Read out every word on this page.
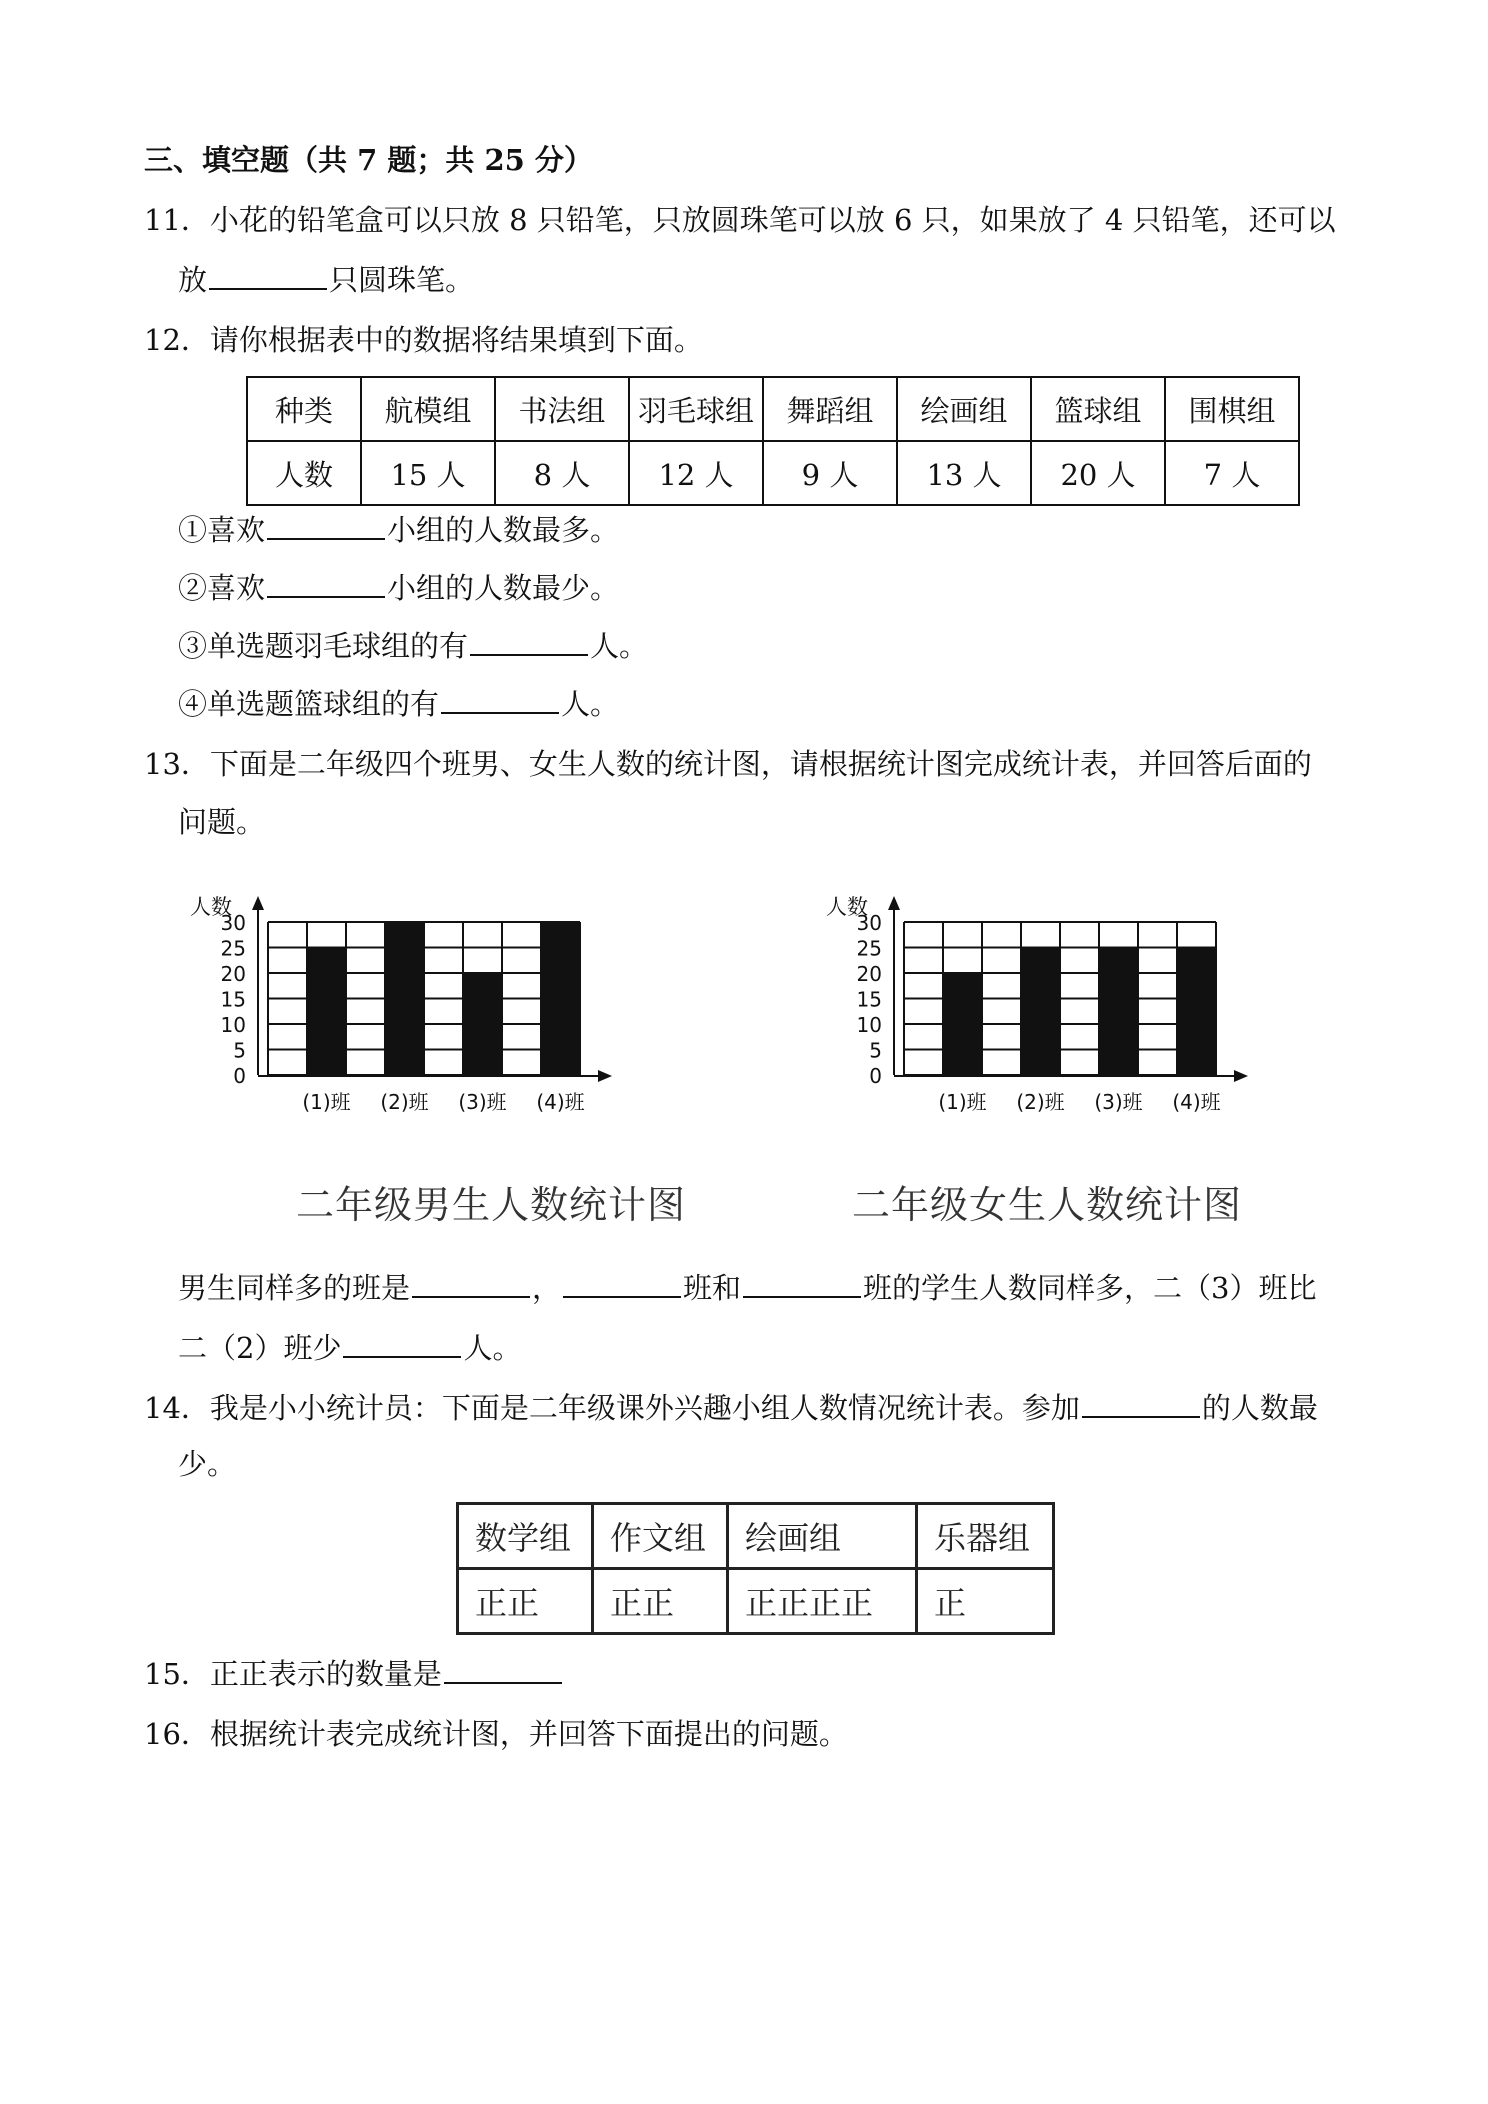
三、填空题（共 7 题；共 25 分）
11．小花的铅笔盒可以只放 8 只铅笔，只放圆珠笔可以放 6 只，如果放了 4 只铅笔，还可以
放	只圆珠笔。
12．请你根据表中的数据将结果填到下面。
种类	航模组	书法组	羽毛球组	舞蹈组	绘画组	篮球组	围棋组
人数	15 人	8 人	12 人	9 人	13 人	20 人	7 人
①喜欢	小组的人数最多。
②喜欢	小组的人数最少。
③单选题羽毛球组的有	人。
④单选题篮球组的有	人。
13．下面是二年级四个班男、女生人数的统计图，请根据统计图完成统计表，并回答后面的
问题。
人数
30
25
20
15
10
5
0
(1)班 (2)班 (3)班 (4)班
二年级男生人数统计图
人数
30
25
20
15
10
5
0
(1)班 (2)班 (3)班 (4)班
二年级女生人数统计图
男生同样多的班是	，	班和	班的学生人数同样多，二（3）班比
二（2）班少	人。
14．我是小小统计员：下面是二年级课外兴趣小组人数情况统计表。参加	的人数最
少。
数学组	作文组	绘画组	乐器组
正正	正正	正正正正	正
15．正正表示的数量是
16．根据统计表完成统计图，并回答下面提出的问题。
